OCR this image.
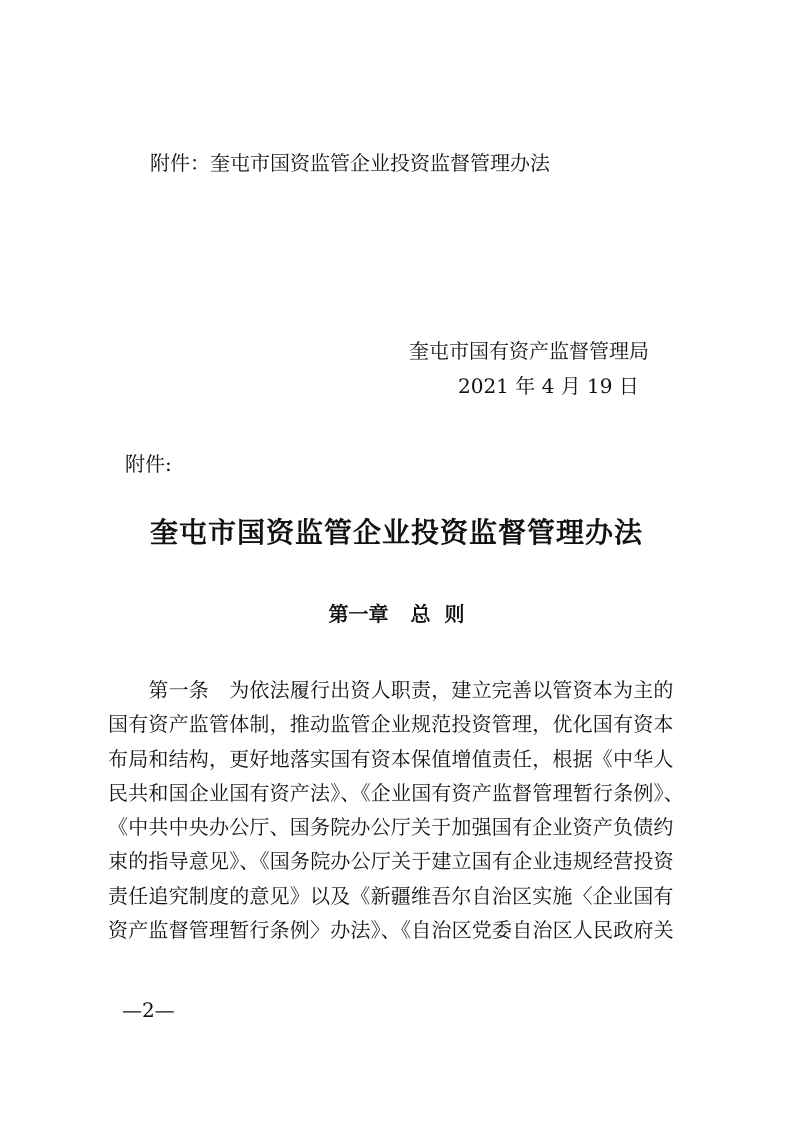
附件：奎屯市国资监管企业投资监督管理办法
奎屯市国有资产监督管理局
2021 年 4 月 19 日
附件:
奎屯市国资监管企业投资监督管理办法
第一章 总  则
　　第一条　为依法履行出资人职责，建立完善以管资本为主的
国有资产监管体制，推动监管企业规范投资管理，优化国有资本
布局和结构，更好地落实国有资本保值增值责任，根据《中华人
民共和国企业国有资产法》、《企业国有资产监督管理暂行条例》、
《中共中央办公厅、国务院办公厅关于加强国有企业资产负债约
束的指导意见》、《国务院办公厅关于建立国有企业违规经营投资
责任追究制度的意见》以及《新疆维吾尔自治区实施〈企业国有
资产监督管理暂行条例〉办法》、《自治区党委自治区人民政府关
—2—
